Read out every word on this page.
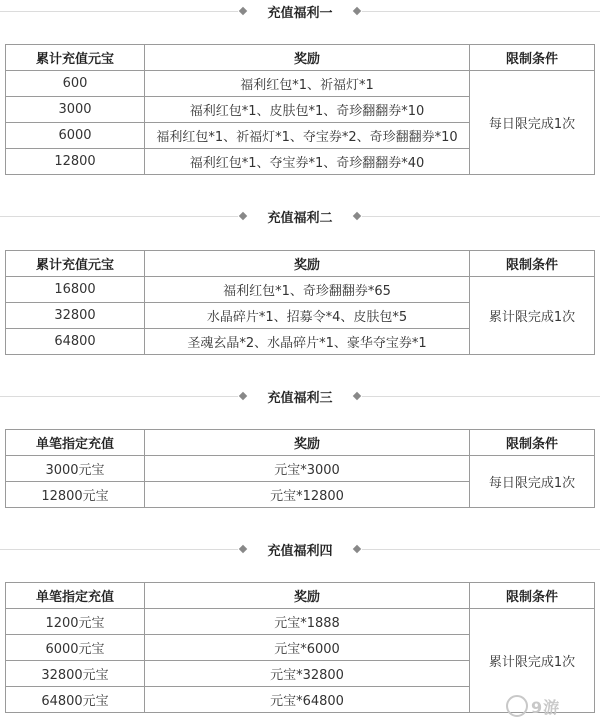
充值福利一
累计充值元宝	奖励	限制条件
600	福利红包*1、祈福灯*1	每日限完成1次
3000	福利红包*1、皮肤包*1、奇珍翻翻券*10	
6000	福利红包*1、祈福灯*1、夺宝券*2、奇珍翻翻券*10	
12800	福利红包*1、夺宝券*1、奇珍翻翻券*40	
充值福利二
累计充值元宝	奖励	限制条件
16800	福利红包*1、奇珍翻翻券*65	累计限完成1次
32800	水晶碎片*1、招募令*4、皮肤包*5	
64800	圣魂玄晶*2、水晶碎片*1、豪华夺宝券*1	
充值福利三
单笔指定充值	奖励	限制条件
3000元宝	元宝*3000	每日限完成1次
12800元宝	元宝*12800	
充值福利四
单笔指定充值	奖励	限制条件
1200元宝	元宝*1888	累计限完成1次
6000元宝	元宝*6000	
32800元宝	元宝*32800	
64800元宝	元宝*64800		9游
